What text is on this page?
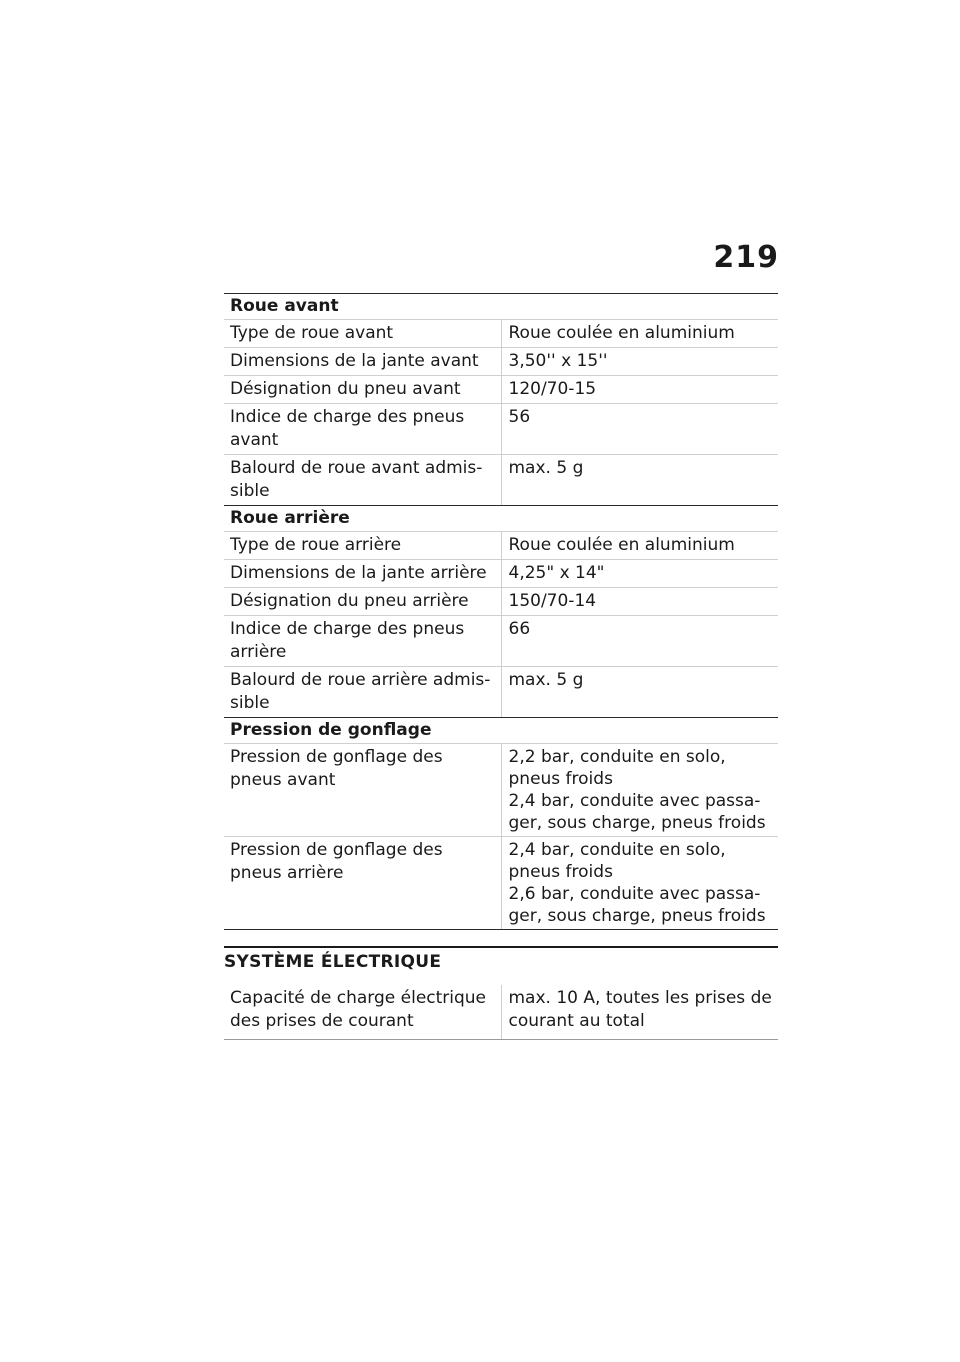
219
Roue avant	
Type de roue avant	Roue coulée en aluminium
Dimensions de la jante avant	3,50'' x 15''
Désignation du pneu avant	120/70-15
Indice de charge des pneus avant	56
Balourd de roue avant admis-sible	max. 5 g
Roue arrière	
Type de roue arrière	Roue coulée en aluminium
Dimensions de la jante arrière	4,25" x 14"
Désignation du pneu arrière	150/70-14
Indice de charge des pneus arrière	66
Balourd de roue arrière admis-sible	max. 5 g
Pression de gonflage	
Pression de gonflage des pneus avant	2,2 bar, conduite en solo, pneus froids
2,4 bar, conduite avec passa-ger, sous charge, pneus froids

Pression de gonflage des pneus arrière	2,4 bar, conduite en solo, pneus froids
2,6 bar, conduite avec passa-ger, sous charge, pneus froids
SYSTÈME ÉLECTRIQUE
Capacité de charge électrique des prises de courant	max. 10 A, toutes les prises de courant au total
